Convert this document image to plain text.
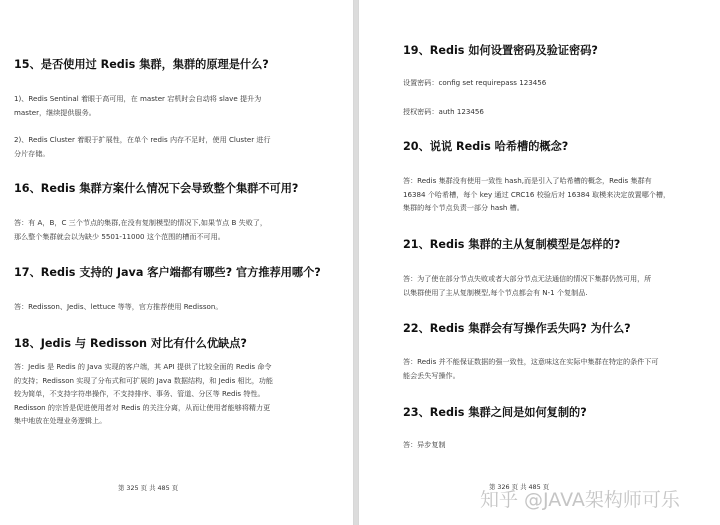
15、是否使用过 Redis 集群，集群的原理是什么?
1)、Redis Sentinal 着眼于高可用，在 master 宕机时会自动将 slave 提升为
master，继续提供服务。
2)、Redis Cluster 着眼于扩展性，在单个 redis 内存不足时，使用 Cluster 进行
分片存储。
16、Redis 集群方案什么情况下会导致整个集群不可用?
答：有 A，B，C 三个节点的集群,在没有复制模型的情况下,如果节点 B 失败了，
那么整个集群就会以为缺少 5501-11000 这个范围的槽而不可用。
17、Redis 支持的 Java 客户端都有哪些? 官方推荐用哪个?
答：Redisson、Jedis、lettuce 等等，官方推荐使用 Redisson。
18、Jedis 与 Redisson 对比有什么优缺点?
答：Jedis 是 Redis 的 Java 实现的客户端，其 API 提供了比较全面的 Redis 命令
的支持；Redisson 实现了分布式和可扩展的 Java 数据结构，和 Jedis 相比，功能
较为简单，不支持字符串操作，不支持排序、事务、管道、分区等 Redis 特性。
Redisson 的宗旨是促进使用者对 Redis 的关注分离，从而让使用者能够将精力更
集中地放在处理业务逻辑上。
第 325 页 共 485 页
19、Redis 如何设置密码及验证密码?
设置密码：config set requirepass 123456
授权密码：auth 123456
20、说说 Redis 哈希槽的概念?
答：Redis 集群没有使用一致性 hash,而是引入了哈希槽的概念，Redis 集群有
16384 个哈希槽，每个 key 通过 CRC16 校验后对 16384 取模来决定放置哪个槽，
集群的每个节点负责一部分 hash 槽。
21、Redis 集群的主从复制模型是怎样的?
答：为了使在部分节点失败或者大部分节点无法通信的情况下集群仍然可用，所
以集群使用了主从复制模型,每个节点都会有 N-1 个复制品.
22、Redis 集群会有写操作丢失吗? 为什么?
答：Redis 并不能保证数据的强一致性，这意味这在实际中集群在特定的条件下可
能会丢失写操作。
23、Redis 集群之间是如何复制的?
答：异步复制
第 326 页 共 485 页
知乎 @JAVA架构师可乐
